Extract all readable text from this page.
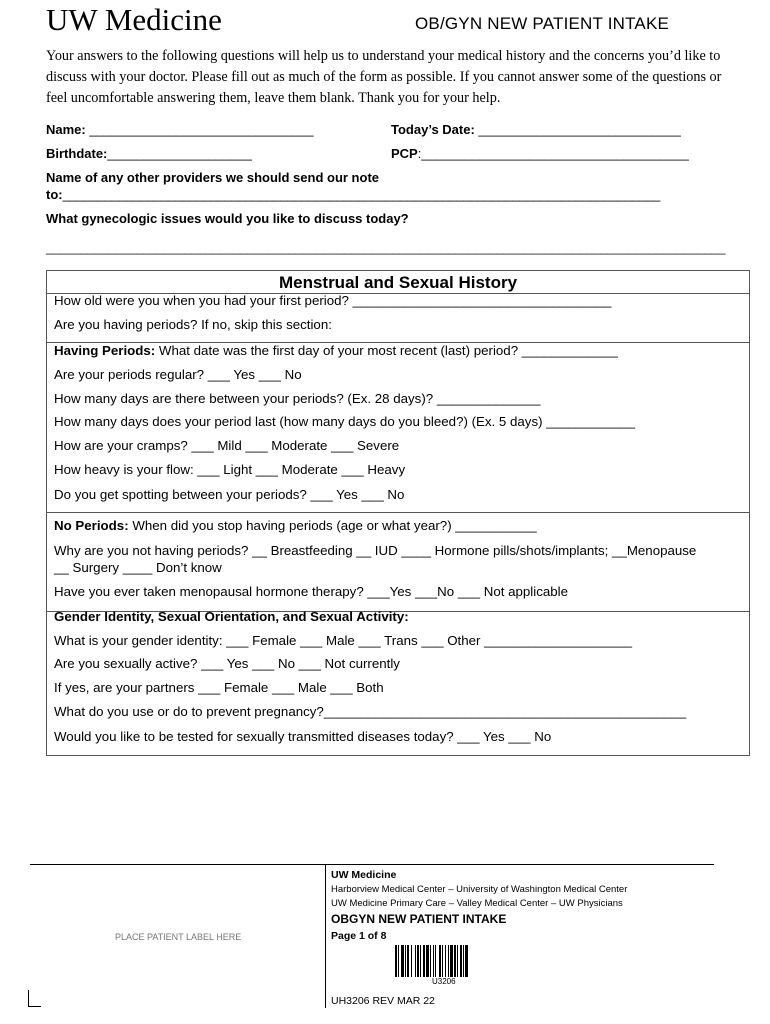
UW Medicine	OB/GYN NEW PATIENT INTAKE
Your answers to the following questions will help us to understand your medical history and the concerns you’d like to discuss with your doctor. Please fill out as much of the form as possible. If you cannot answer some of the questions or feel uncomfortable answering them, leave them blank. Thank you for your help.
Name: _______________________________	Today’s Date: ____________________________
Birthdate:____________________	PCP:_____________________________________
Name of any other providers we should send our note
to:_____________________________________________________________________________________
What gynecologic issues would you like to discuss today?
__________________________________________________________________________________________________
Menstrual and Sexual History
How old were you when you had your first period? ___________________________________
Are you having periods? If no, skip this section:
Having Periods: What date was the first day of your most recent (last) period? _____________
Are your periods regular? ___ Yes ___ No
How many days are there between your periods? (Ex. 28 days)? ______________
How many days does your period last (how many days do you bleed?) (Ex. 5 days) ____________
How are your cramps? ___ Mild ___ Moderate ___ Severe
How heavy is your flow: ___ Light ___ Moderate ___ Heavy
Do you get spotting between your periods? ___ Yes ___ No
No Periods: When did you stop having periods (age or what year?) ___________
Why are you not having periods? __ Breastfeeding __ IUD ____ Hormone pills/shots/implants; __Menopause
__ Surgery ____ Don’t know
Have you ever taken menopausal hormone therapy? ___Yes ___No ___ Not applicable
Gender Identity, Sexual Orientation, and Sexual Activity:
What is your gender identity: ___ Female ___ Male ___ Trans ___ Other ____________________
Are you sexually active? ___ Yes ___ No ___ Not currently
If yes, are your partners ___ Female ___ Male ___ Both
What do you use or do to prevent pregnancy?_________________________________________________
Would you like to be tested for sexually transmitted diseases today? ___ Yes ___ No
PLACE PATIENT LABEL HERE
UW Medicine
Harborview Medical Center – University of Washington Medical Center
UW Medicine Primary Care – Valley Medical Center – UW Physicians
OBGYN NEW PATIENT INTAKE
Page 1 of 8
U3206
UH3206 REV MAR 22
